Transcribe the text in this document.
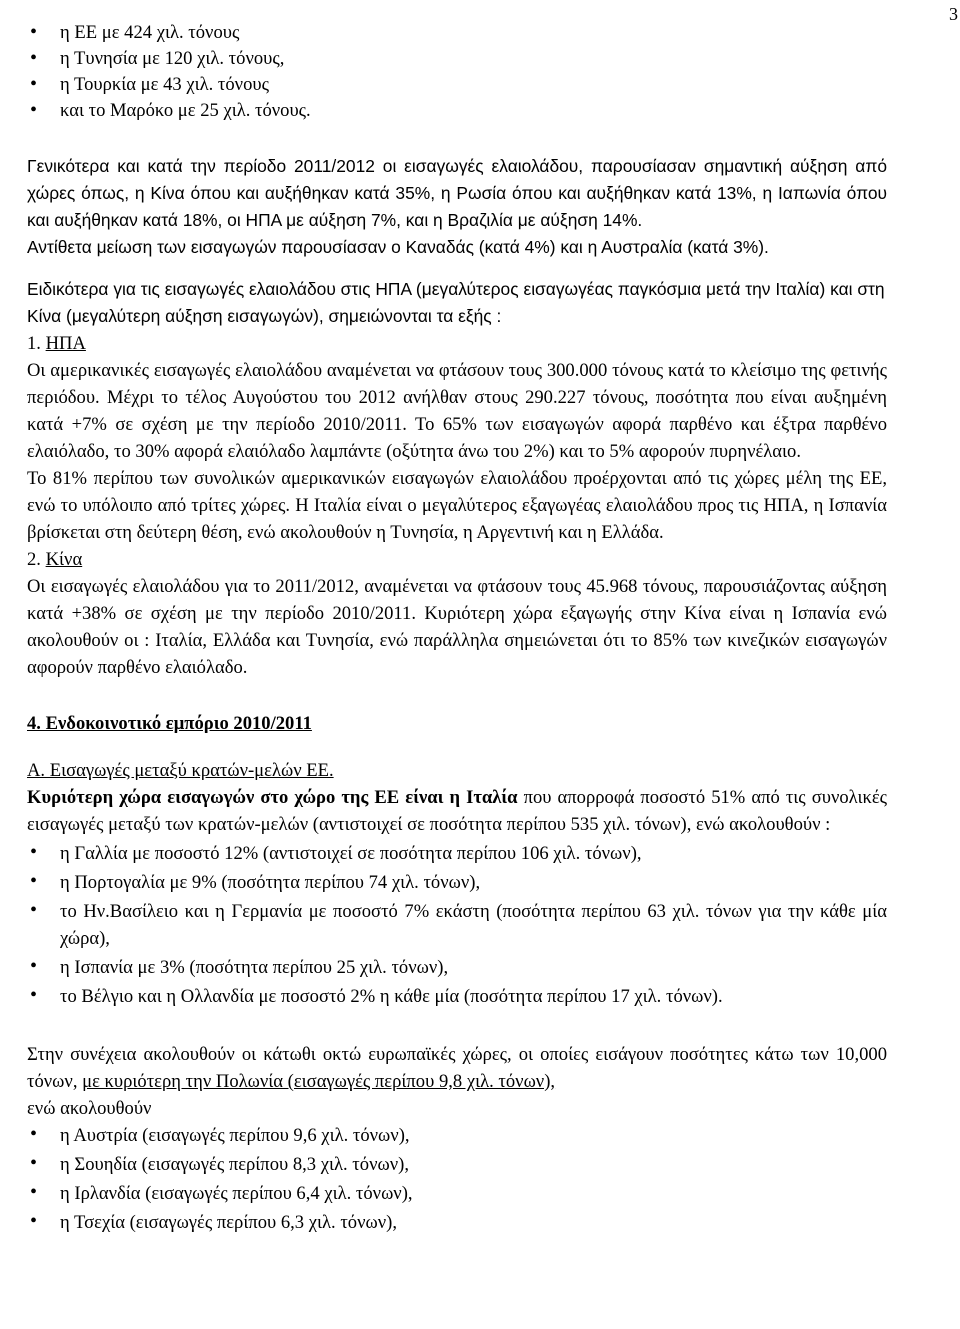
3
• η ΕΕ με 424 χιλ. τόνους
• η Τυνησία με 120 χιλ. τόνους,
• η Τουρκία με 43 χιλ. τόνους
• και το Μαρόκο με 25 χιλ. τόνους.

Γενικότερα και κατά την περίοδο 2011/2012 οι εισαγωγές ελαιολάδου, παρουσίασαν σημαντική αύξηση από χώρες όπως, η Κίνα όπου και αυξήθηκαν κατά 35%, η Ρωσία όπου και αυξήθηκαν κατά 13%, η Ιαπωνία όπου και αυξήθηκαν κατά 18%, οι ΗΠΑ με αύξηση 7%, και η Βραζιλία με αύξηση 14%.

Αντίθετα μείωση των εισαγωγών παρουσίασαν ο Καναδάς (κατά 4%) και η Αυστραλία (κατά 3%).

Ειδικότερα για τις εισαγωγές ελαιολάδου στις ΗΠΑ (μεγαλύτερος εισαγωγέας παγκόσμια μετά την Ιταλία) και στη Κίνα (μεγαλύτερη αύξηση εισαγωγών), σημειώνονται τα εξής :

1. ΗΠΑ

Οι αμερικανικές εισαγωγές ελαιολάδου αναμένεται να φτάσουν τους 300.000 τόνους κατά το κλείσιμο της φετινής περιόδου. Μέχρι το τέλος Αυγούστου του 2012 ανήλθαν στους 290.227 τόνους, ποσότητα που είναι αυξημένη κατά +7% σε σχέση με την περίοδο 2010/2011. Το 65% των εισαγωγών αφορά παρθένο και έξτρα παρθένο ελαιόλαδο, το 30% αφορά ελαιόλαδο λαμπάντε (οξύτητα άνω του 2%) και το 5% αφορούν πυρηνέλαιο.

Το 81% περίπου των συνολικών αμερικανικών εισαγωγών ελαιολάδου προέρχονται από τις χώρες μέλη της ΕΕ, ενώ το υπόλοιπο από τρίτες χώρες. Η Ιταλία είναι ο μεγαλύτερος εξαγωγέας ελαιολάδου προς τις ΗΠΑ, η Ισπανία βρίσκεται στη δεύτερη θέση, ενώ ακολουθούν η Τυνησία, η Αργεντινή και η Ελλάδα.

2. Κίνα

Οι εισαγωγές ελαιολάδου για το 2011/2012, αναμένεται να φτάσουν τους 45.968 τόνους, παρουσιάζοντας αύξηση κατά +38% σε σχέση με την περίοδο 2010/2011. Κυριότερη χώρα εξαγωγής στην Κίνα είναι η Ισπανία ενώ ακολουθούν οι : Ιταλία, Ελλάδα και Τυνησία, ενώ παράλληλα σημειώνεται ότι το 85% των κινεζικών εισαγωγών αφορούν παρθένο ελαιόλαδο.

4. Ενδοκοινοτικό εμπόριο 2010/2011

Α. Εισαγωγές μεταξύ κρατών-μελών ΕΕ.

Κυριότερη χώρα εισαγωγών στο χώρο της ΕΕ είναι η Ιταλία που απορροφά ποσοστό 51% από τις συνολικές εισαγωγές μεταξύ των κρατών-μελών (αντιστοιχεί σε ποσότητα περίπου 535 χιλ. τόνων), ενώ ακολουθούν :

• η Γαλλία με ποσοστό 12% (αντιστοιχεί σε ποσότητα περίπου 106 χιλ. τόνων),
• η Πορτογαλία με 9% (ποσότητα περίπου 74 χιλ. τόνων),
• το Ην.Βασίλειο και η Γερμανία με ποσοστό 7% εκάστη (ποσότητα περίπου 63 χιλ. τόνων για την κάθε μία χώρα),
• η Ισπανία με 3% (ποσότητα περίπου 25 χιλ. τόνων),
• το Βέλγιο και η Ολλανδία με ποσοστό 2% η κάθε μία (ποσότητα περίπου 17 χιλ. τόνων).

Στην συνέχεια ακολουθούν οι κάτωθι οκτώ ευρωπαϊκές χώρες, οι οποίες εισάγουν ποσότητες κάτω των 10,000 τόνων, με κυριότερη την Πολωνία (εισαγωγές περίπου 9,8 χιλ. τόνων),

ενώ ακολουθούν

• η Αυστρία (εισαγωγές περίπου 9,6 χιλ. τόνων),
• η Σουηδία (εισαγωγές περίπου 8,3 χιλ. τόνων),
• η Ιρλανδία (εισαγωγές περίπου 6,4 χιλ. τόνων),
• η Τσεχία (εισαγωγές περίπου 6,3 χιλ. τόνων),
